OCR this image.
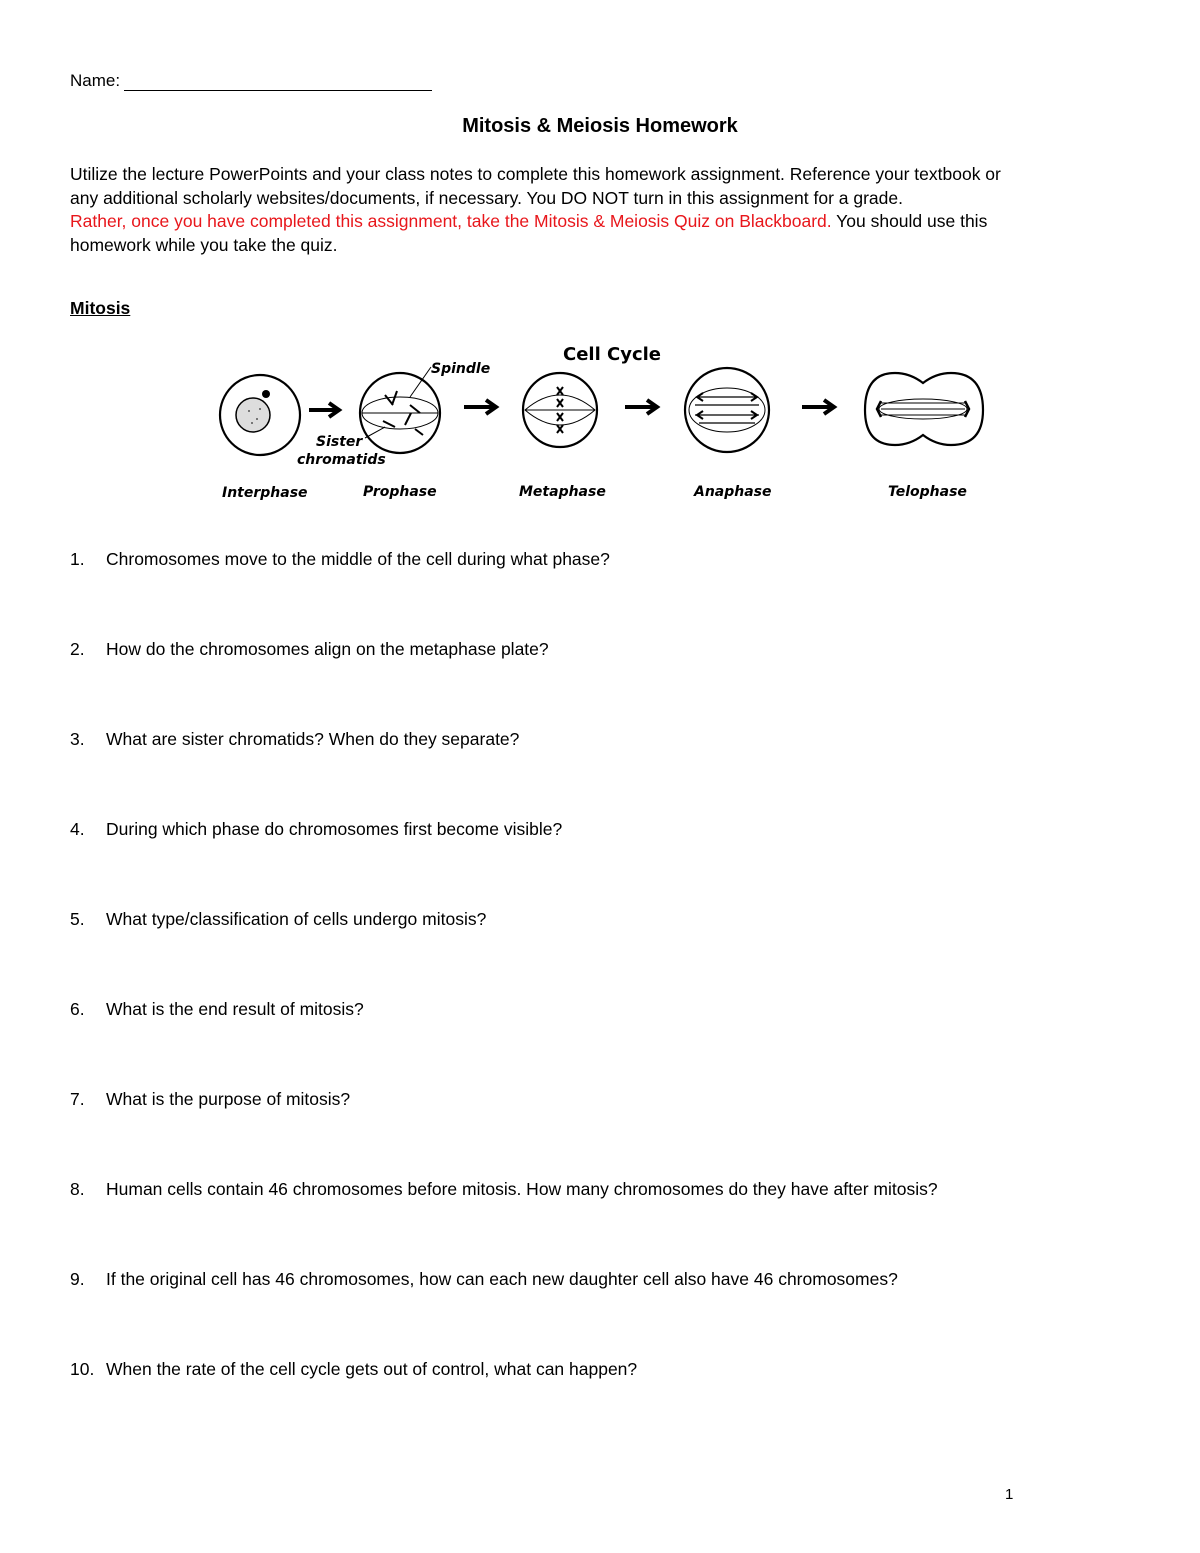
Name:
Mitosis & Meiosis Homework
Utilize the lecture PowerPoints and your class notes to complete this homework assignment. Reference your textbook or
any additional scholarly websites/documents, if necessary. You DO NOT turn in this assignment for a grade.
Rather, once you have completed this assignment, take the Mitosis & Meiosis Quiz on Blackboard. You should use this
homework while you take the quiz.
Mitosis
Cell Cycle
Spindle
Sister
chromatids
Interphase	Prophase	Metaphase	Anaphase	Telophase
1. Chromosomes move to the middle of the cell during what phase?
2. How do the chromosomes align on the metaphase plate?
3. What are sister chromatids? When do they separate?
4. During which phase do chromosomes first become visible?
5. What type/classification of cells undergo mitosis?
6. What is the end result of mitosis?
7. What is the purpose of mitosis?
8. Human cells contain 46 chromosomes before mitosis. How many chromosomes do they have after mitosis?
9. If the original cell has 46 chromosomes, how can each new daughter cell also have 46 chromosomes?
10. When the rate of the cell cycle gets out of control, what can happen?
1
